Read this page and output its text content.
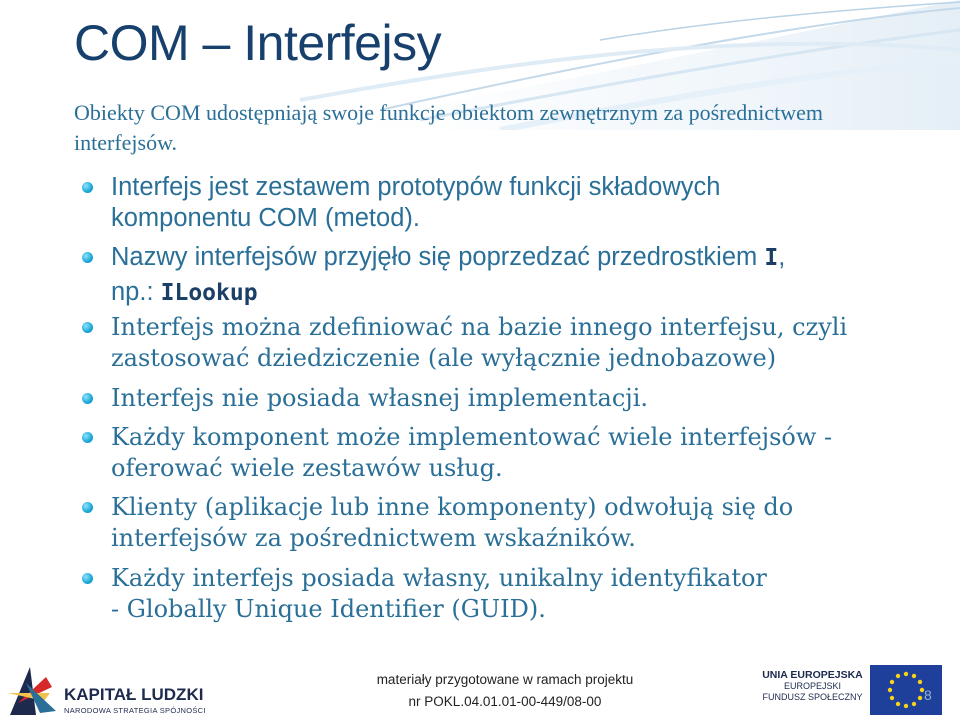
COM – Interfejsy
Obiekty COM udostępniają swoje funkcje obiektom zewnętrznym za pośrednictwem interfejsów.
Interfejs jest zestawem prototypów funkcji składowych
komponentu COM (metod).
Nazwy interfejsów przyjęło się poprzedzać przedrostkiem I,
np.: ILookup
Interfejs można zdefiniować na bazie innego interfejsu, czyli
zastosować dziedziczenie (ale wyłącznie jednobazowe)
Interfejs nie posiada własnej implementacji.
Każdy komponent może implementować wiele interfejsów -
oferować wiele zestawów usług.
Klienty (aplikacje lub inne komponenty) odwołują się do
interfejsów za pośrednictwem wskaźników.
Każdy interfejs posiada własny, unikalny identyfikator
- Globally Unique Identifier (GUID).
KAPITAŁ LUDZKI
NARODOWA STRATEGIA SPÓJNOŚCI
materiały przygotowane w ramach projektu
nr POKL.04.01.01-00-449/08-00
UNIA EUROPEJSKA
EUROPEJSKI
FUNDUSZ SPOŁECZNY	8
